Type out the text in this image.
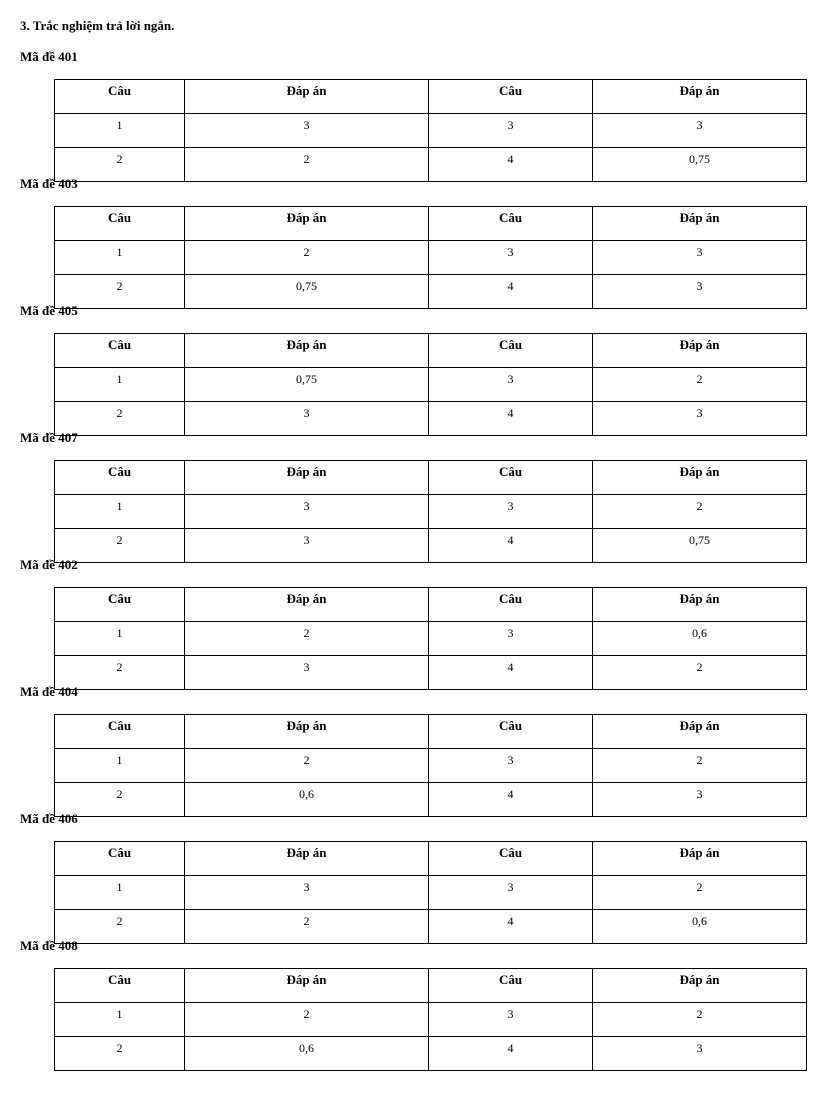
3. Trắc nghiệm trả lời ngắn.
Mã đề 401
Câu	Đáp án	Câu	Đáp án
1	3	3	3
2	2	4	0,75
Mã đề 403
Câu	Đáp án	Câu	Đáp án
1	2	3	3
2	0,75	4	3
Mã đề 405
Câu	Đáp án	Câu	Đáp án
1	0,75	3	2
2	3	4	3
Mã đề 407
Câu	Đáp án	Câu	Đáp án
1	3	3	2
2	3	4	0,75
Mã đề 402
Câu	Đáp án	Câu	Đáp án
1	2	3	0,6
2	3	4	2
Mã đề 404
Câu	Đáp án	Câu	Đáp án
1	2	3	2
2	0,6	4	3
Mã đề 406
Câu	Đáp án	Câu	Đáp án
1	3	3	2
2	2	4	0,6
Mã đề 408
Câu	Đáp án	Câu	Đáp án
1	2	3	2
2	0,6	4	3
